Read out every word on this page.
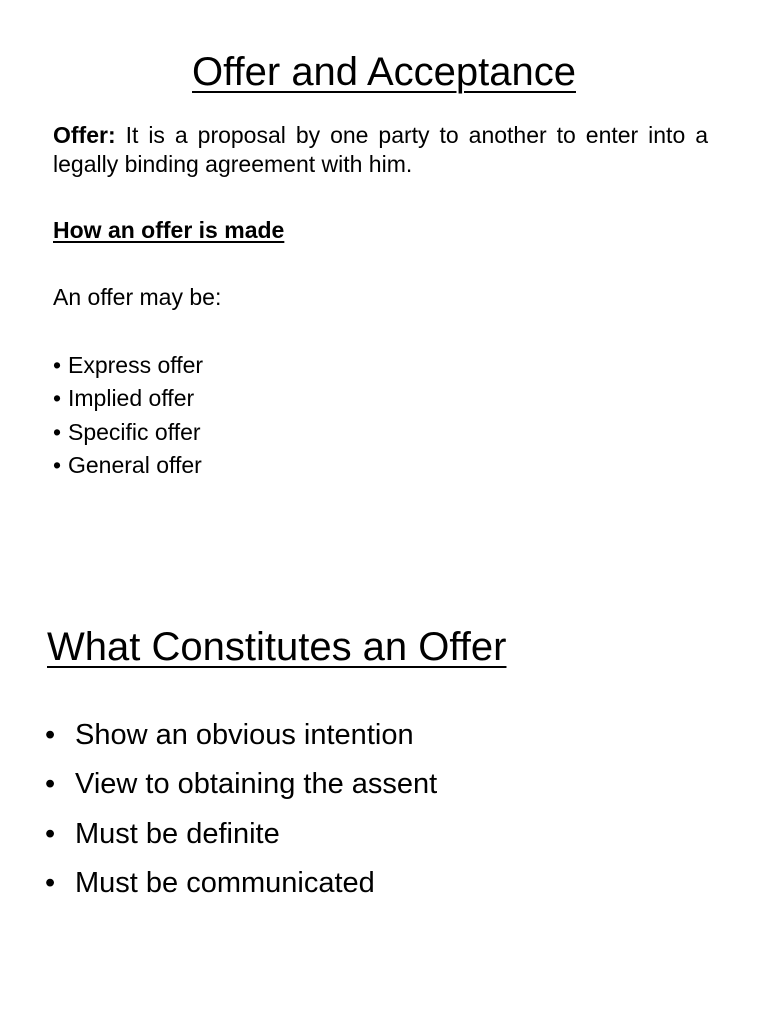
Offer and Acceptance
Offer: It is a proposal by one party to another to enter into a legally binding agreement with him.
How an offer is made
An offer may be:
• Express offer
• Implied offer
• Specific offer
• General offer
What Constitutes an Offer
• Show an obvious intention
• View to obtaining the assent
• Must be definite
• Must be communicated
